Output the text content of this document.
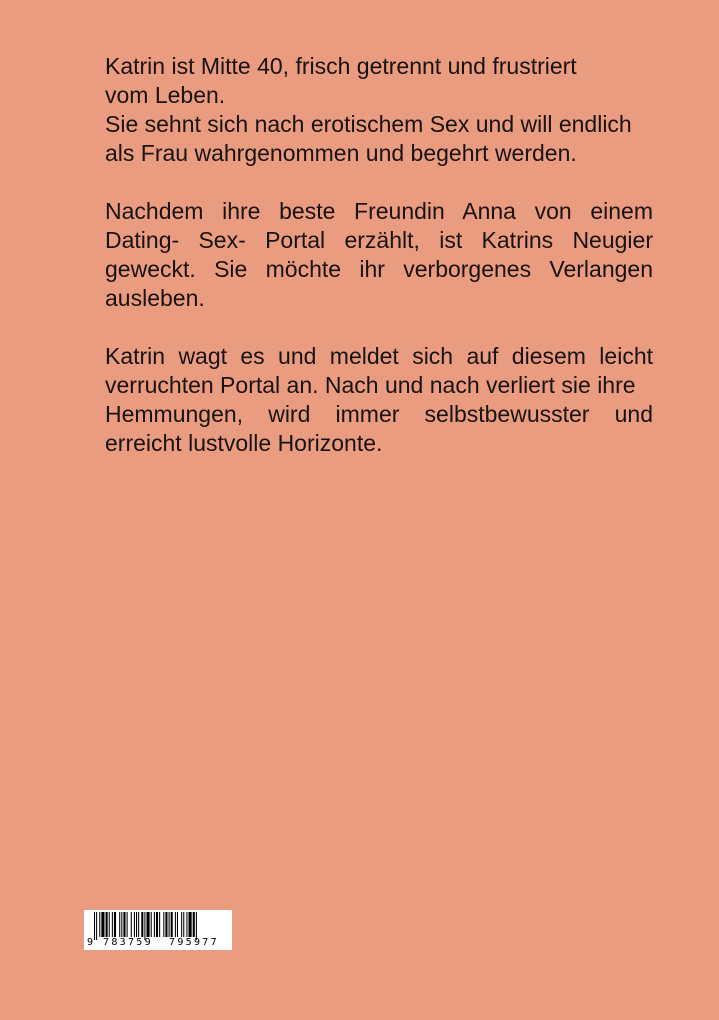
Katrin ist Mitte 40, frisch getrennt und frustriert
vom Leben.
Sie sehnt sich nach erotischem Sex und will endlich
als Frau wahrgenommen und begehrt werden.

Nachdem ihre beste Freundin Anna von einem
Dating- Sex- Portal erzählt, ist Katrins Neugier
geweckt. Sie möchte ihr verborgenes Verlangen
ausleben.

Katrin wagt es und meldet sich auf diesem leicht
verruchten Portal an. Nach und nach verliert sie ihre
Hemmungen, wird immer selbstbewusster und
erreicht lustvolle Horizonte.

9 783759 795977
